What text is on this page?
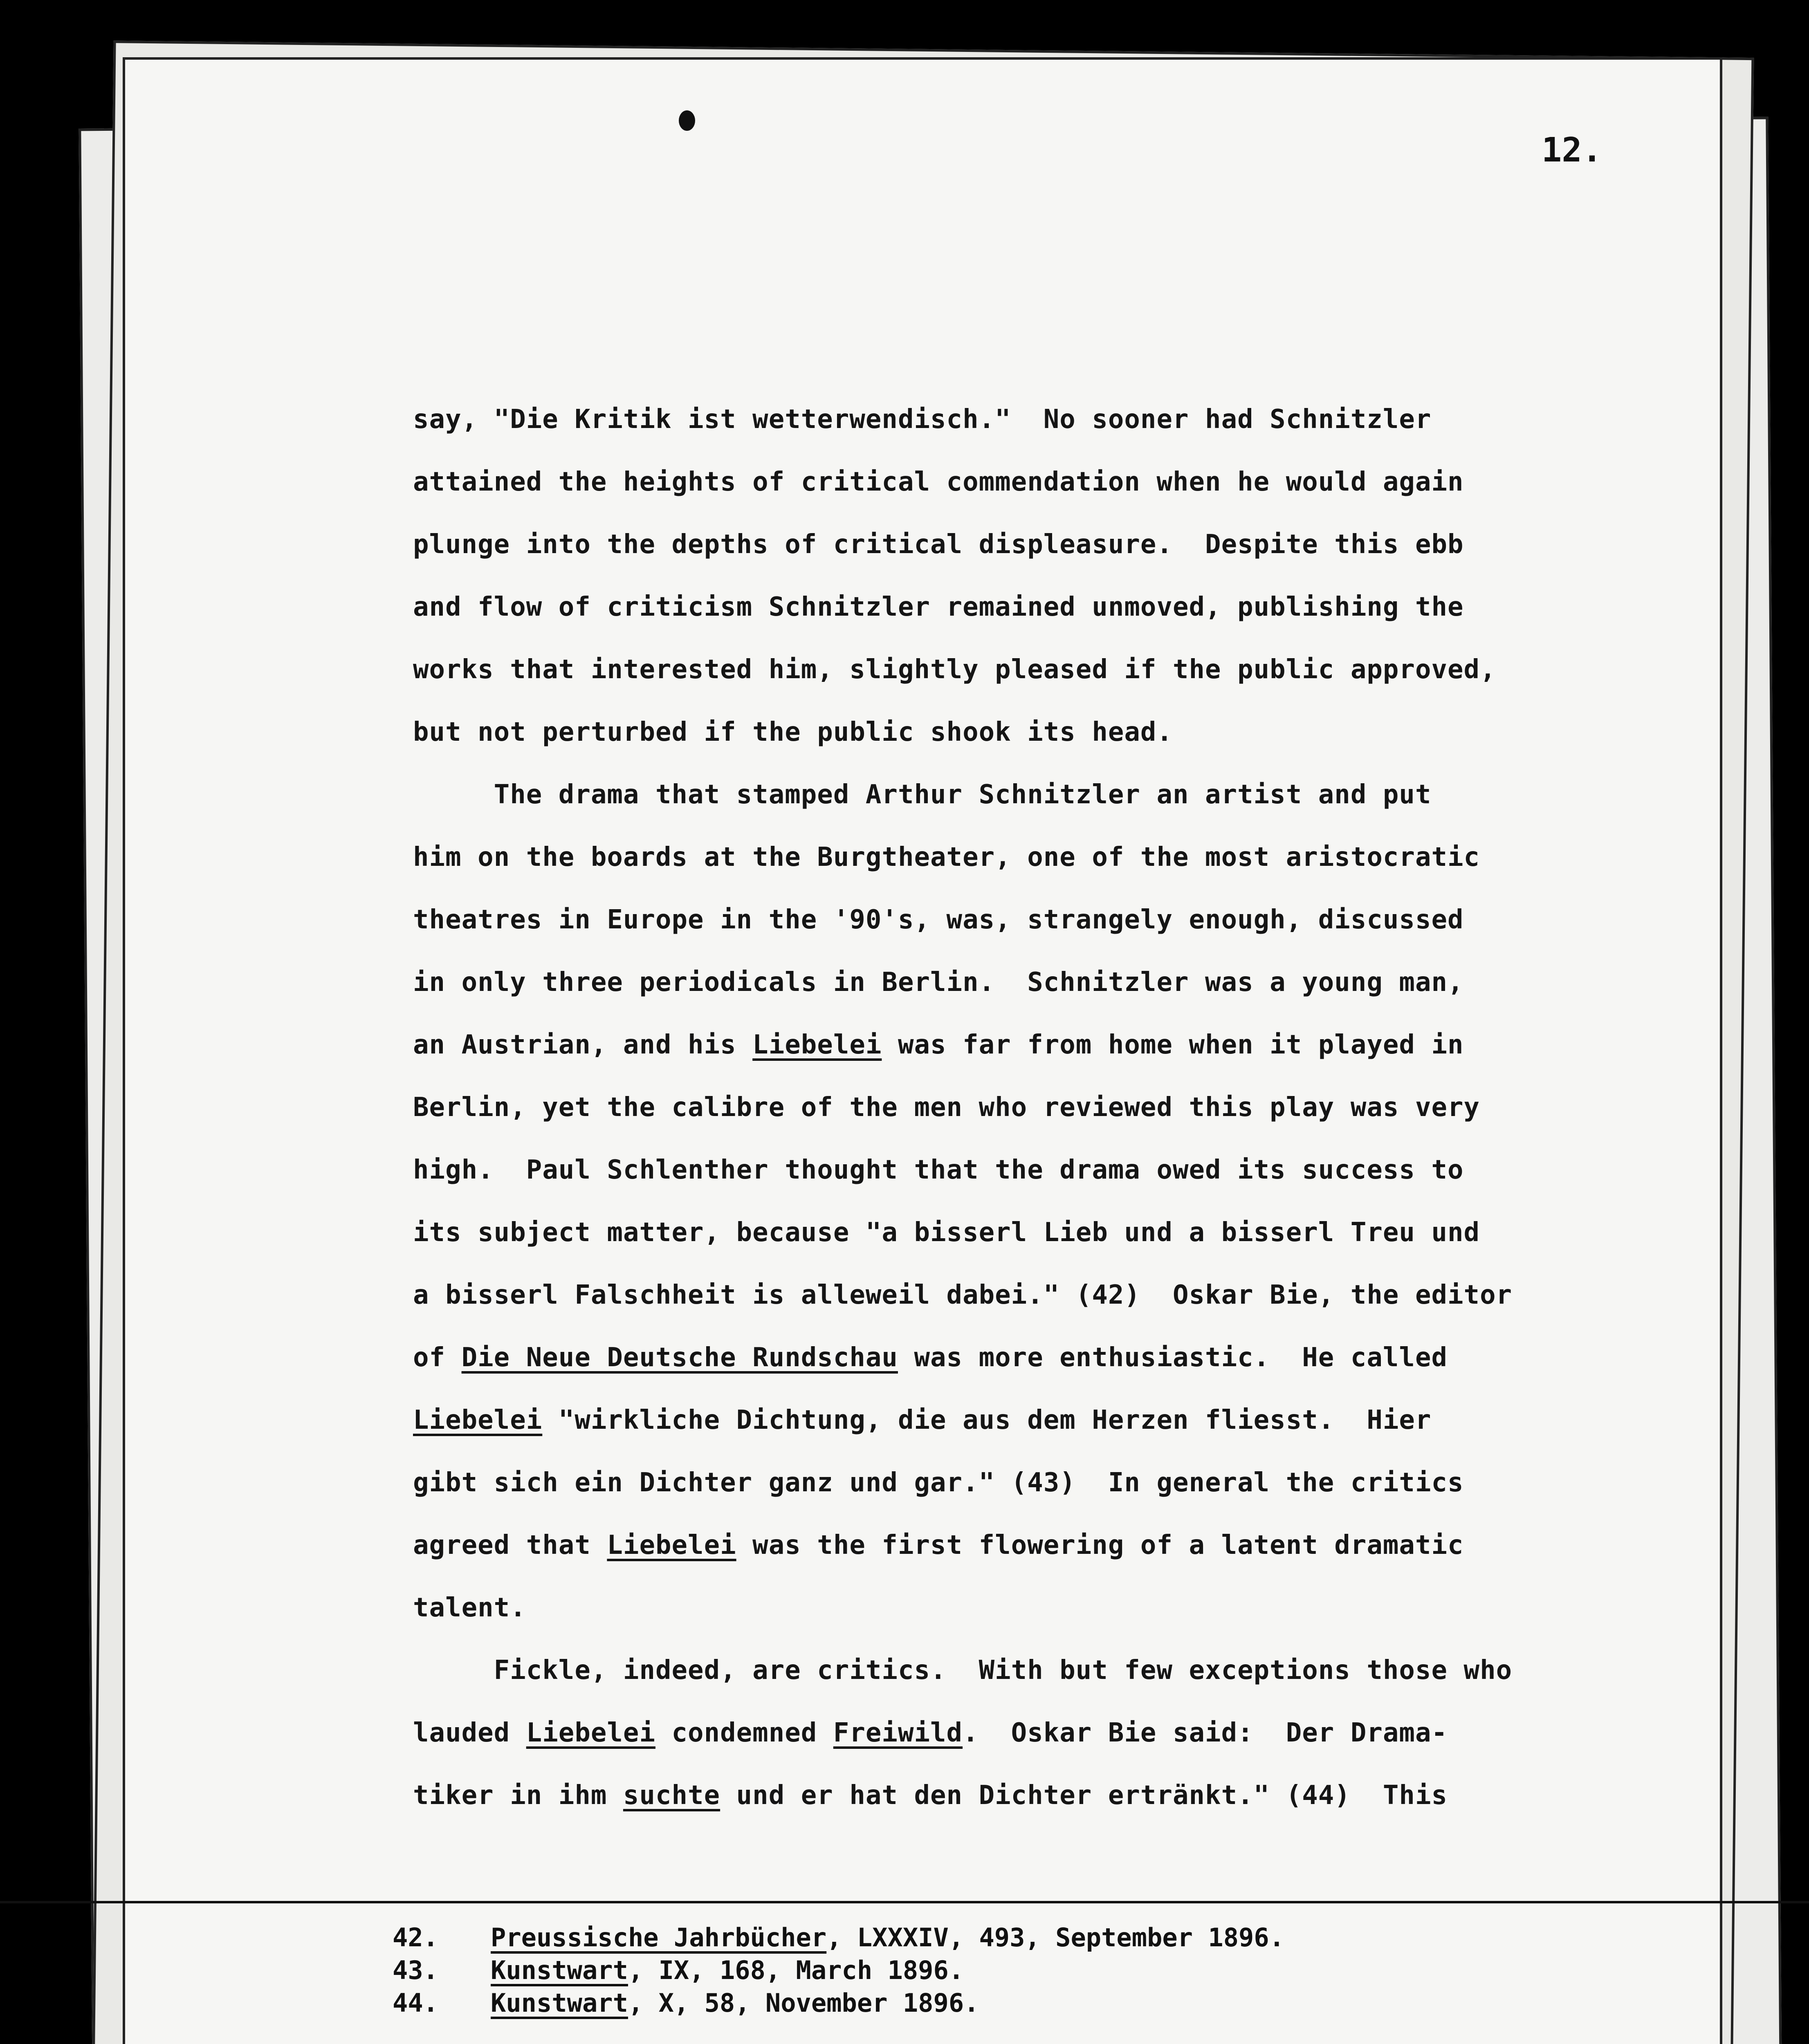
12.
say, "Die Kritik ist wetterwendisch."  No sooner had Schnitzler
attained the heights of critical commendation when he would again
plunge into the depths of critical displeasure.  Despite this ebb
and flow of criticism Schnitzler remained unmoved, publishing the
works that interested him, slightly pleased if the public approved,
but not perturbed if the public shook its head.
The drama that stamped Arthur Schnitzler an artist and put
him on the boards at the Burgtheater, one of the most aristocratic
theatres in Europe in the '90's, was, strangely enough, discussed
in only three periodicals in Berlin.  Schnitzler was a young man,
an Austrian, and his Liebelei was far from home when it played in
Berlin, yet the calibre of the men who reviewed this play was very
high.  Paul Schlenther thought that the drama owed its success to
its subject matter, because "a bisserl Lieb und a bisserl Treu und
a bisserl Falschheit is alleweil dabei." (42)  Oskar Bie, the editor
of Die Neue Deutsche Rundschau was more enthusiastic.  He called
Liebelei "wirkliche Dichtung, die aus dem Herzen fliesst.  Hier
gibt sich ein Dichter ganz und gar." (43)  In general the critics
agreed that Liebelei was the first flowering of a latent dramatic
talent.
Fickle, indeed, are critics.  With but few exceptions those who
lauded Liebelei condemned Freiwild.  Oskar Bie said:  Der Drama-
tiker in ihm suchte und er hat den Dichter ertränkt." (44)  This
42. Preussische Jahrbücher, LXXXIV, 493, September 1896.
43. Kunstwart, IX, 168, March 1896.
44. Kunstwart, X, 58, November 1896.
